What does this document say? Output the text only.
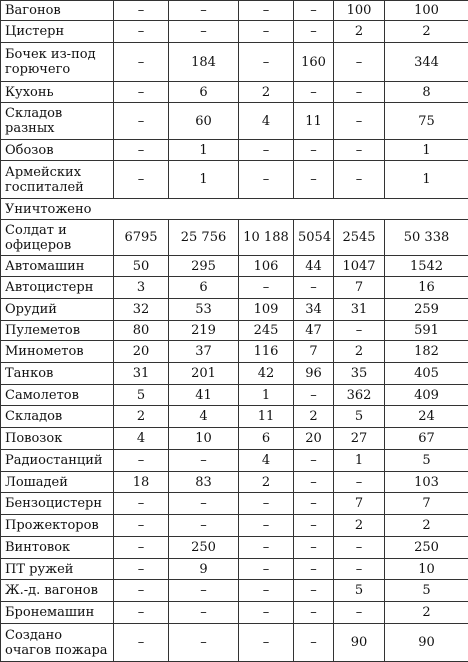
Вагонов	–	–	–	–	100	100
Цистерн	–	–	–	–	2	2
Бочек из-под горючего	–	184	–	160	–	344
Кухонь	–	6	2	–	–	8
Складов разных	–	60	4	11	–	75
Обозов	–	1	–	–	–	1
Армейских госпиталей	–	1	–	–	–	1
Уничтожено						
Солдат и офицеров	6795	25 756	10 188	5054	2545	50 338
Автомашин	50	295	106	44	1047	1542
Автоцистерн	3	6	–	–	7	16
Орудий	32	53	109	34	31	259
Пулеметов	80	219	245	47	–	591
Минометов	20	37	116	7	2	182
Танков	31	201	42	96	35	405
Самолетов	5	41	1	–	362	409
Складов	2	4	11	2	5	24
Повозок	4	10	6	20	27	67
Радиостанций	–	–	4	–	1	5
Лошадей	18	83	2	–	–	103
Бензоцистерн	–	–	–	–	7	7
Прожекторов	–	–	–	–	2	2
Винтовок	–	250	–	–	–	250
ПТ ружей	–	9	–	–	–	10
Ж.-д. вагонов	–	–	–	–	5	5
Бронемашин	–	–	–	–	–	2
Создано очагов пожара	–	–	–	–	90	90
